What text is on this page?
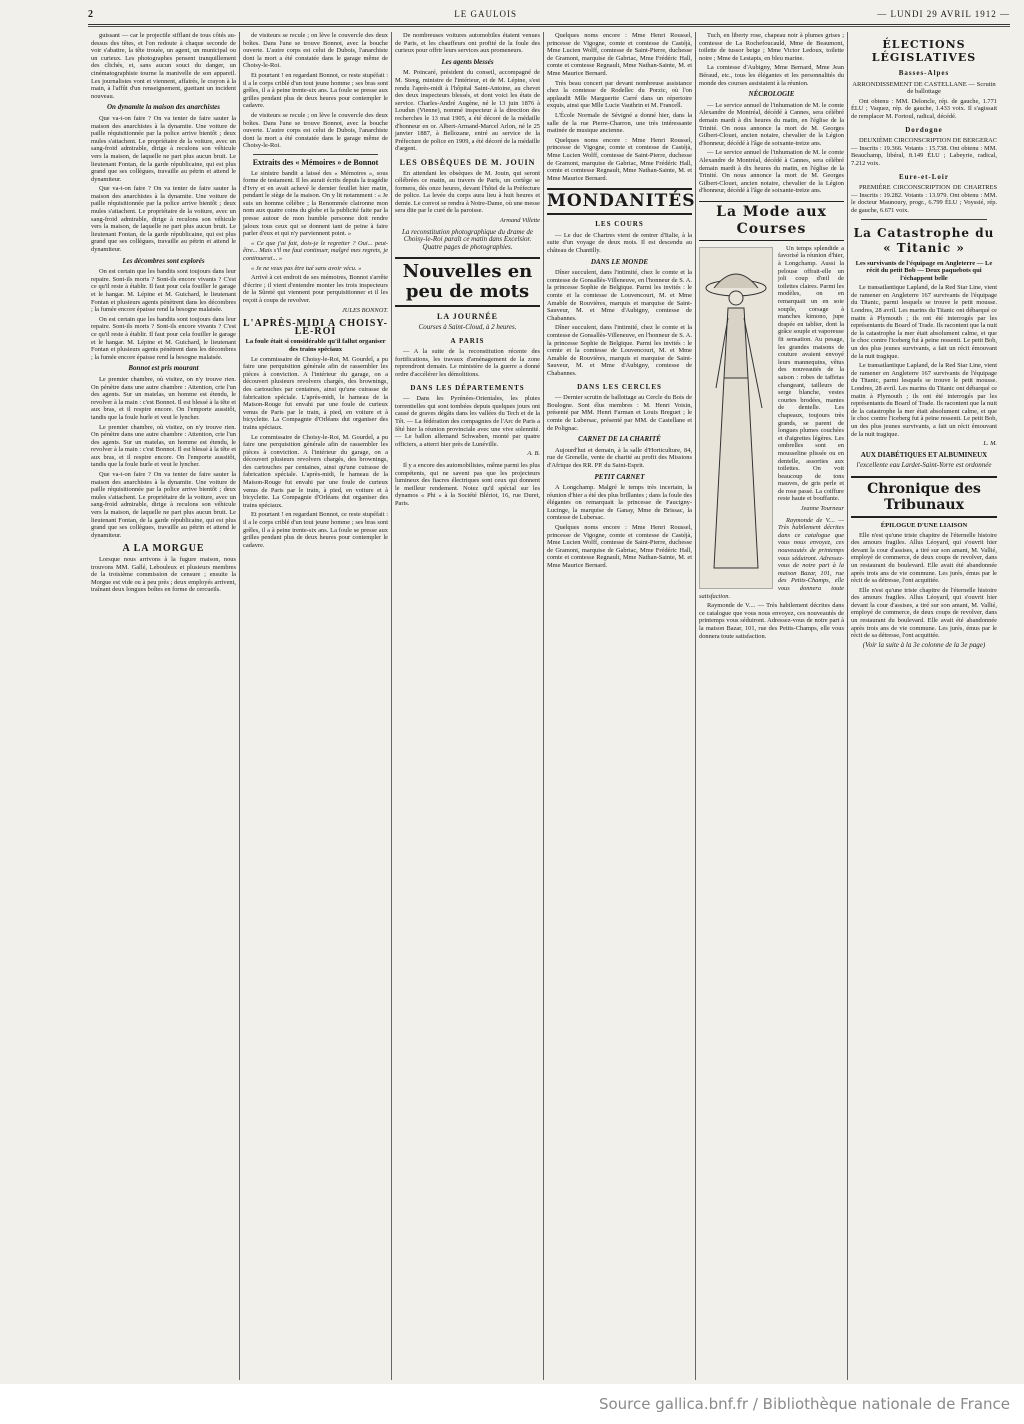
2	LE GAULOIS	— LUNDI 29 AVRIL 1912 —

guissant — car le projectile sifflant de tous côtés au-dessus des têtes, et l'on redoute à chaque seconde de voir s'abattre, la tête trouée, un agent, un municipal ou un curieux. Les photographes pensent tranquillement des clichés, et, sans aucun souci du danger, un cinématographiste tourne la manivelle de son appareil. Les journalistes vont et viennent, affairés, le crayon à la main, à l'affût d'un renseignement, guettant un incident nouveau.

On dynamite la maison des anarchistes

Que va-t-on faire ? On va tenter de faire sauter la maison des anarchistes à la dynamite. Une voiture de paille réquisitionnée par la police arrive bientôt ; deux mules s'attachent. Le propriétaire de la voiture, avec un sang-froid admirable, dirige à reculons son véhicule vers la maison, de laquelle ne part plus aucun bruit. Le lieutenant Fontan, de la garde républicaine, qui est plus grand que ses collègues, travaille au pétrin et attend le dynamiteur.

Que va-t-on faire ? On va tenter de faire sauter la maison des anarchistes à la dynamite. Une voiture de paille réquisitionnée par la police arrive bientôt ; deux mules s'attachent. Le propriétaire de la voiture, avec un sang-froid admirable, dirige à reculons son véhicule vers la maison, de laquelle ne part plus aucun bruit. Le lieutenant Fontan, de la garde républicaine, qui est plus grand que ses collègues, travaille au pétrin et attend le dynamiteur.

Les décombres sont explorés

On est certain que les bandits sont toujours dans leur repaire. Sont-ils morts ? Sont-ils encore vivants ? C'est ce qu'il reste à établir. Il faut pour cela fouiller le garage et le hangar. M. Lépine et M. Guichard, le lieutenant Fontan et plusieurs agents pénètrent dans les décombres ; la fumée encore épaisse rend la besogne malaisée.

On est certain que les bandits sont toujours dans leur repaire. Sont-ils morts ? Sont-ils encore vivants ? C'est ce qu'il reste à établir. Il faut pour cela fouiller le garage et le hangar. M. Lépine et M. Guichard, le lieutenant Fontan et plusieurs agents pénètrent dans les décombres ; la fumée encore épaisse rend la besogne malaisée.

Bonnot est pris mourant

Le premier chambre, où visitez, on n'y trouve rien. On pénètre dans une autre chambre : Attention, crie l'un des agents. Sur un matelas, un homme est étendu, le revolver à la main : c'est Bonnot. Il est blessé à la tête et aux bras, et il respire encore. On l'emporte aussitôt, tandis que la foule hurle et veut le lyncher.

Le premier chambre, où visitez, on n'y trouve rien. On pénètre dans une autre chambre : Attention, crie l'un des agents. Sur un matelas, un homme est étendu, le revolver à la main : c'est Bonnot. Il est blessé à la tête et aux bras, et il respire encore. On l'emporte aussitôt, tandis que la foule hurle et veut le lyncher.

Que va-t-on faire ? On va tenter de faire sauter la maison des anarchistes à la dynamite. Une voiture de paille réquisitionnée par la police arrive bientôt ; deux mules s'attachent. Le propriétaire de la voiture, avec un sang-froid admirable, dirige à reculons son véhicule vers la maison, de laquelle ne part plus aucun bruit. Le lieutenant Fontan, de la garde républicaine, qui est plus grand que ses collègues, travaille au pétrin et attend le dynamiteur.

A LA MORGUE

Lorsque nous arrivons à la fugure maison, nous trouvons MM. Gallé, Lebouleux et plusieurs membres de la troisième commission de censure ; ensuite la Morgue est vide ou à peu près ; deux employés arrivent, traînant deux longues boîtes en forme de cercueils.

de visiteurs se recule ; on lève le couvercle des deux boîtes. Dans l'une se trouve Bonnot, avec la bouche ouverte. L'autre corps est celui de Dubois, l'anarchiste dont la mort a été constatée dans le garage même de Choisy-le-Roi.

Et pourtant ! en regardant Bonnot, ce reste stupéfait : il a le corps criblé d'un tout jeune homme ; ses bras sont grêles, il a à peine trente-six ans. La foule se presse aux grilles pendant plus de deux heures pour contempler le cadavre.

de visiteurs se recule ; on lève le couvercle des deux boîtes. Dans l'une se trouve Bonnot, avec la bouche ouverte. L'autre corps est celui de Dubois, l'anarchiste dont la mort a été constatée dans le garage même de Choisy-le-Roi.

Extraits des « Mémoires » de Bonnot

Le sinistre bandit a laissé des « Mémoires », sous forme de testament. Il les aurait écrits depuis la tragédie d'Ivry et en avait achevé le dernier feuillet hier matin, pendant le siège de la maison. On y lit notamment : « Je suis un homme célèbre ; la Renommée claironne mon nom aux quatre coins du globe et la publicité faite par la presse autour de mon humble personne doit rendre jaloux tous ceux qui se donnent tant de peine à faire parler d'eux et qui n'y parviennent point. »

« Ce que j'ai fait, dois-je le regretter ? Oui... peut-être... Mais s'il me faut continuer, malgré mes regrets, je continuerai... »

« Je ne veux pas être tué sans avoir vécu. »

Arrivé à cet endroit de ses mémoires, Bonnot s'arrête d'écrire ; il vient d'entendre monter les trois inspecteurs de la Sûreté qui viennent pour perquisitionner et il les reçoit à coups de revolver.

JULES BONNOT.
L'APRÈS-MIDI A CHOISY-LE-ROI
La foule était si considérable qu'il fallut organiser des trains spéciaux

Le commissaire de Choisy-le-Roi, M. Gourdel, a pu faire une perquisition générale afin de rassembler les pièces à conviction. A l'intérieur du garage, on a découvert plusieurs revolvers chargés, des brownings, des cartouches par centaines, ainsi qu'une cuirasse de fabrication spéciale. L'après-midi, le hameau de la Maison-Rouge fut envahi par une foule de curieux venus de Paris par le train, à pied, en voiture et à bicyclette. La Compagnie d'Orléans dut organiser des trains spéciaux.

Le commissaire de Choisy-le-Roi, M. Gourdel, a pu faire une perquisition générale afin de rassembler les pièces à conviction. A l'intérieur du garage, on a découvert plusieurs revolvers chargés, des brownings, des cartouches par centaines, ainsi qu'une cuirasse de fabrication spéciale. L'après-midi, le hameau de la Maison-Rouge fut envahi par une foule de curieux venus de Paris par le train, à pied, en voiture et à bicyclette. La Compagnie d'Orléans dut organiser des trains spéciaux.

Et pourtant ! en regardant Bonnot, ce reste stupéfait : il a le corps criblé d'un tout jeune homme ; ses bras sont grêles, il a à peine trente-six ans. La foule se presse aux grilles pendant plus de deux heures pour contempler le cadavre.

De nombreuses voitures automobiles étaient venues de Paris, et les chauffeurs ont profité de la foule des curieux pour offrir leurs services aux promeneurs.

Les agents blessés

M. Poincaré, président du conseil, accompagné de M. Steeg, ministre de l'intérieur, et de M. Lépine, s'est rendu l'après-midi à l'hôpital Saint-Antoine, au chevet des deux inspecteurs blessés, et dont voici les états de service. Charles-André Augène, né le 13 juin 1876 à Loudun (Vienne), nommé inspecteur à la direction des recherches le 13 mai 1905, a été décoré de la médaille d'honneur en or. Albert-Armand-Marcel Arlon, né le 25 janvier 1887, à Bellozane, entré au service de la Préfecture de police en 1909, a été décoré de la médaille d'argent.

LES OBSÈQUES DE M. JOUIN

En attendant les obsèques de M. Jouin, qui seront célébrées ce matin, au travers de Paris, un cortège se formera, dès onze heures, devant l'hôtel de la Préfecture de police. La levée du corps aura lieu à huit heures et demie. Le convoi se rendra à Notre-Dame, où une messe sera dite par le curé de la paroisse.

Armand Villette
La reconstitution photographique du drame de Choisy-le-Roi paraît ce matin dans Excelsior. Quatre pages de photographies.
Nouvelles en peu de mots
LA JOURNÉE
Courses à Saint-Cloud, à 2 heures.
A PARIS

— A la suite de la reconstitution récente des fortifications, les travaux d'aménagement de la zone reprendront demain. Le ministère de la guerre a donné ordre d'accélérer les démolitions.

DANS LES DÉPARTEMENTS

— Dans les Pyrénées-Orientales, les pluies torrentielles qui sont tombées depuis quelques jours ont causé de graves dégâts dans les vallées du Tech et de la Têt. — La fédération des compagnies de l'Arc de Paris a fêté hier la réunion provinciale avec une vive solennité. — Le ballon allemand Schwaben, monté par quatre officiers, a atterri hier près de Lunéville.

A. B.

Il y a encore des automobilistes, même parmi les plus compétents, qui ne savent pas que les projecteurs lumineux des fiacres électriques sont ceux qui donnent le meilleur rendement. Notez qu'il spécial sur les dynamos « Phi » à la Société Blériot, 16, rue Duret, Paris.

Quelques noms encore : Mme Henri Roussel, princesse de Vigogne, comte et comtesse de Castéjà, Mme Lucien Wolff, comtesse de Saint-Pierre, duchesse de Gramont, marquise de Gabriac, Mme Frédéric Hall, comte et comtesse Regnault, Mme Nathan-Sainte, M. et Mme Maurice Bernard.

Très beau concert par devant nombreuse assistance chez la comtesse de Rodellec du Porzic, où l'on applaudit Mlle Marguerite Carré dans un répertoire exquis, ainsi que Mlle Lucie Vauthrin et M. Francell.

L'École Normale de Sévigné a donné hier, dans la salle de la rue Pierre-Charron, une très intéressante matinée de musique ancienne.

Quelques noms encore : Mme Henri Roussel, princesse de Vigogne, comte et comtesse de Castéjà, Mme Lucien Wolff, comtesse de Saint-Pierre, duchesse de Gramont, marquise de Gabriac, Mme Frédéric Hall, comte et comtesse Regnault, Mme Nathan-Sainte, M. et Mme Maurice Bernard.

MONDANITÉS
LES COURS

— Le duc de Chartres vient de rentrer d'Italie, à la suite d'un voyage de deux mois. Il est descendu au château de Chantilly.

DANS LE MONDE

Dîner succulent, dans l'intimité, chez le comte et la comtesse de Gonsallès-Villeneuve, en l'honneur de S. A. la princesse Sophie de Belgique. Parmi les invités : le comte et la comtesse de Louvencourt, M. et Mme Amable de Rouvières, marquis et marquise de Saint-Sauveur, M. et Mme d'Aubigny, comtesse de Chabannes.

Dîner succulent, dans l'intimité, chez le comte et la comtesse de Gonsallès-Villeneuve, en l'honneur de S. A. la princesse Sophie de Belgique. Parmi les invités : le comte et la comtesse de Louvencourt, M. et Mme Amable de Rouvières, marquis et marquise de Saint-Sauveur, M. et Mme d'Aubigny, comtesse de Chabannes.

DANS LES CERCLES

— Dernier scrutin de ballottage au Cercle du Bois de Boulogne. Sont élus membres : M. Henri Voisin, présenté par MM. Henri Farman et Louis Breguet ; le comte de Lubersac, présenté par MM. de Castellane et de Polignac.

CARNET DE LA CHARITÉ

Aujourd'hui et demain, à la salle d'Horticulture, 84, rue de Grenelle, vente de charité au profit des Missions d'Afrique des RR. PP. du Saint-Esprit.

PETIT CARNET

A Longchamp. Malgré le temps très incertain, la réunion d'hier a été des plus brillantes ; dans la foule des élégantes on remarquait la princesse de Faucigny-Lucinge, la marquise de Ganay, Mme de Brissac, la comtesse de Lubersac.

Quelques noms encore : Mme Henri Roussel, princesse de Vigogne, comte et comtesse de Castéjà, Mme Lucien Wolff, comtesse de Saint-Pierre, duchesse de Gramont, marquise de Gabriac, Mme Frédéric Hall, comte et comtesse Regnault, Mme Nathan-Sainte, M. et Mme Maurice Bernard.

Tuch, en liberty rose, chapeau noir à plumes grises ; comtesse de La Rochefoucauld, Mme de Beaumont, toilette de tussor beige ; Mme Victor Ledoux, toilette noire ; Mme de Lestapis, en bleu marine.

La comtesse d'Aubigny, Mme Bernard, Mme Jean Béraud, etc., tous les élégantes et les personnalités du monde des courses assistaient à la réunion.

NÉCROLOGIE

— Le service annuel de l'inhumation de M. le comte Alexandre de Montréal, décédé à Cannes, sera célébré demain mardi à dix heures du matin, en l'église de la Trinité. On nous annonce la mort de M. Georges Gilbert-Clouet, ancien notaire, chevalier de la Légion d'honneur, décédé à l'âge de soixante-treize ans.

— Le service annuel de l'inhumation de M. le comte Alexandre de Montréal, décédé à Cannes, sera célébré demain mardi à dix heures du matin, en l'église de la Trinité. On nous annonce la mort de M. Georges Gilbert-Clouet, ancien notaire, chevalier de la Légion d'honneur, décédé à l'âge de soixante-treize ans.

La Mode aux Courses

Un temps splendide a favorisé la réunion d'hier, à Longchamp. Aussi la pelouse offrait-elle un joli coup d'œil de toilettes claires. Parmi les modèles, on en remarquait un en soie souple, corsage à manches kimono, jupe drapée en tablier, dont la grâce souple et vaporeuse fit sensation. Au pesage, les grandes maisons de couture avaient envoyé leurs mannequins, vêtus des nouveautés de la saison : robes de taffetas changeant, tailleurs de serge blanche, vestes courtes brodées, mantes de dentelle. Les chapeaux, toujours très grands, se parent de longues plumes couchées et d'aigrettes légères. Les ombrelles sont en mousseline plissée ou en dentelle, assorties aux toilettes. On voit beaucoup de tons mauves, de gris perle et de rose passé. La coiffure reste haute et bouffante.

Jeanne Tourneur

Raymonde de V.... — Très habilement décrites dans ce catalogue que vous nous envoyez, ces nouveautés de printemps vous séduiront. Adressez-vous de notre part à la maison Bazar, 101, rue des Petits-Champs, elle vous donnera toute satisfaction.

Raymonde de V.... — Très habilement décrites dans ce catalogue que vous nous envoyez, ces nouveautés de printemps vous séduiront. Adressez-vous de notre part à la maison Bazar, 101, rue des Petits-Champs, elle vous donnera toute satisfaction.

ÉLECTIONS LÉGISLATIVES
Basses-Alpes
ARRONDISSEMENT DE CASTELLANE — Scrutin de ballottage

Ont obtenu : MM. Deloncle, rép. de gauche, 1.771 ÉLU ; Vaquez, rép. de gauche, 1.433 voix. Il s'agissait de remplacer M. Fortoul, radical, décédé.

Dordogne

DEUXIÈME CIRCONSCRIPTION DE BERGERAC — Inscrits : 19.366. Votants : 15.738. Ont obtenu : MM. Beauchamp, libéral, 8.149 ÉLU ; Labeyrie, radical, 7.212 voix.

Eure-et-Loir

PREMIÈRE CIRCONSCRIPTION DE CHARTRES — Inscrits : 19.282. Votants : 13.979. Ont obtenu : MM. le docteur Maunoury, progr., 6.799 ÉLU ; Voyssié, rép. de gauche, 6.671 voix.

La Catastrophe du « Titanic »
Les survivants de l'équipage en Angleterre — Le récit du petit Bob — Deux paquebots qui l'échappent belle

Le transatlantique Lapland, de la Red Star Line, vient de ramener en Angleterre 167 survivants de l'équipage du Titanic, parmi lesquels se trouve le petit mousse. Londres, 28 avril. Les marins du Titanic ont débarqué ce matin à Plymouth ; ils ont été interrogés par les représentants du Board of Trade. Ils racontent que la nuit de la catastrophe la mer était absolument calme, et que le choc contre l'iceberg fut à peine ressenti. Le petit Bob, un des plus jeunes survivants, a fait un récit émouvant de la nuit tragique.

Le transatlantique Lapland, de la Red Star Line, vient de ramener en Angleterre 167 survivants de l'équipage du Titanic, parmi lesquels se trouve le petit mousse. Londres, 28 avril. Les marins du Titanic ont débarqué ce matin à Plymouth ; ils ont été interrogés par les représentants du Board of Trade. Ils racontent que la nuit de la catastrophe la mer était absolument calme, et que le choc contre l'iceberg fut à peine ressenti. Le petit Bob, un des plus jeunes survivants, a fait un récit émouvant de la nuit tragique.

L. M.
AUX DIABÉTIQUES ET ALBUMINEUX
l'excellente eau Lardet-Saint-Yorre est ordonnée
Chronique des Tribunaux
ÉPILOGUE D'UNE LIAISON

Elle n'est qu'une triste chapitre de l'éternelle histoire des amours fragiles. Allus Léoyard, qui s'ouvrit hier devant la cour d'assises, a tiré sur son amant, M. Vallié, employé de commerce, de deux coups de revolver, dans un restaurant du boulevard. Elle avait été abandonnée après trois ans de vie commune. Les jurés, émus par le récit de sa détresse, l'ont acquittée.

Elle n'est qu'une triste chapitre de l'éternelle histoire des amours fragiles. Allus Léoyard, qui s'ouvrit hier devant la cour d'assises, a tiré sur son amant, M. Vallié, employé de commerce, de deux coups de revolver, dans un restaurant du boulevard. Elle avait été abandonnée après trois ans de vie commune. Les jurés, émus par le récit de sa détresse, l'ont acquittée.

(Voir la suite à la 3e colonne de la 3e page)
Source gallica.bnf.fr / Bibliothèque nationale de France
